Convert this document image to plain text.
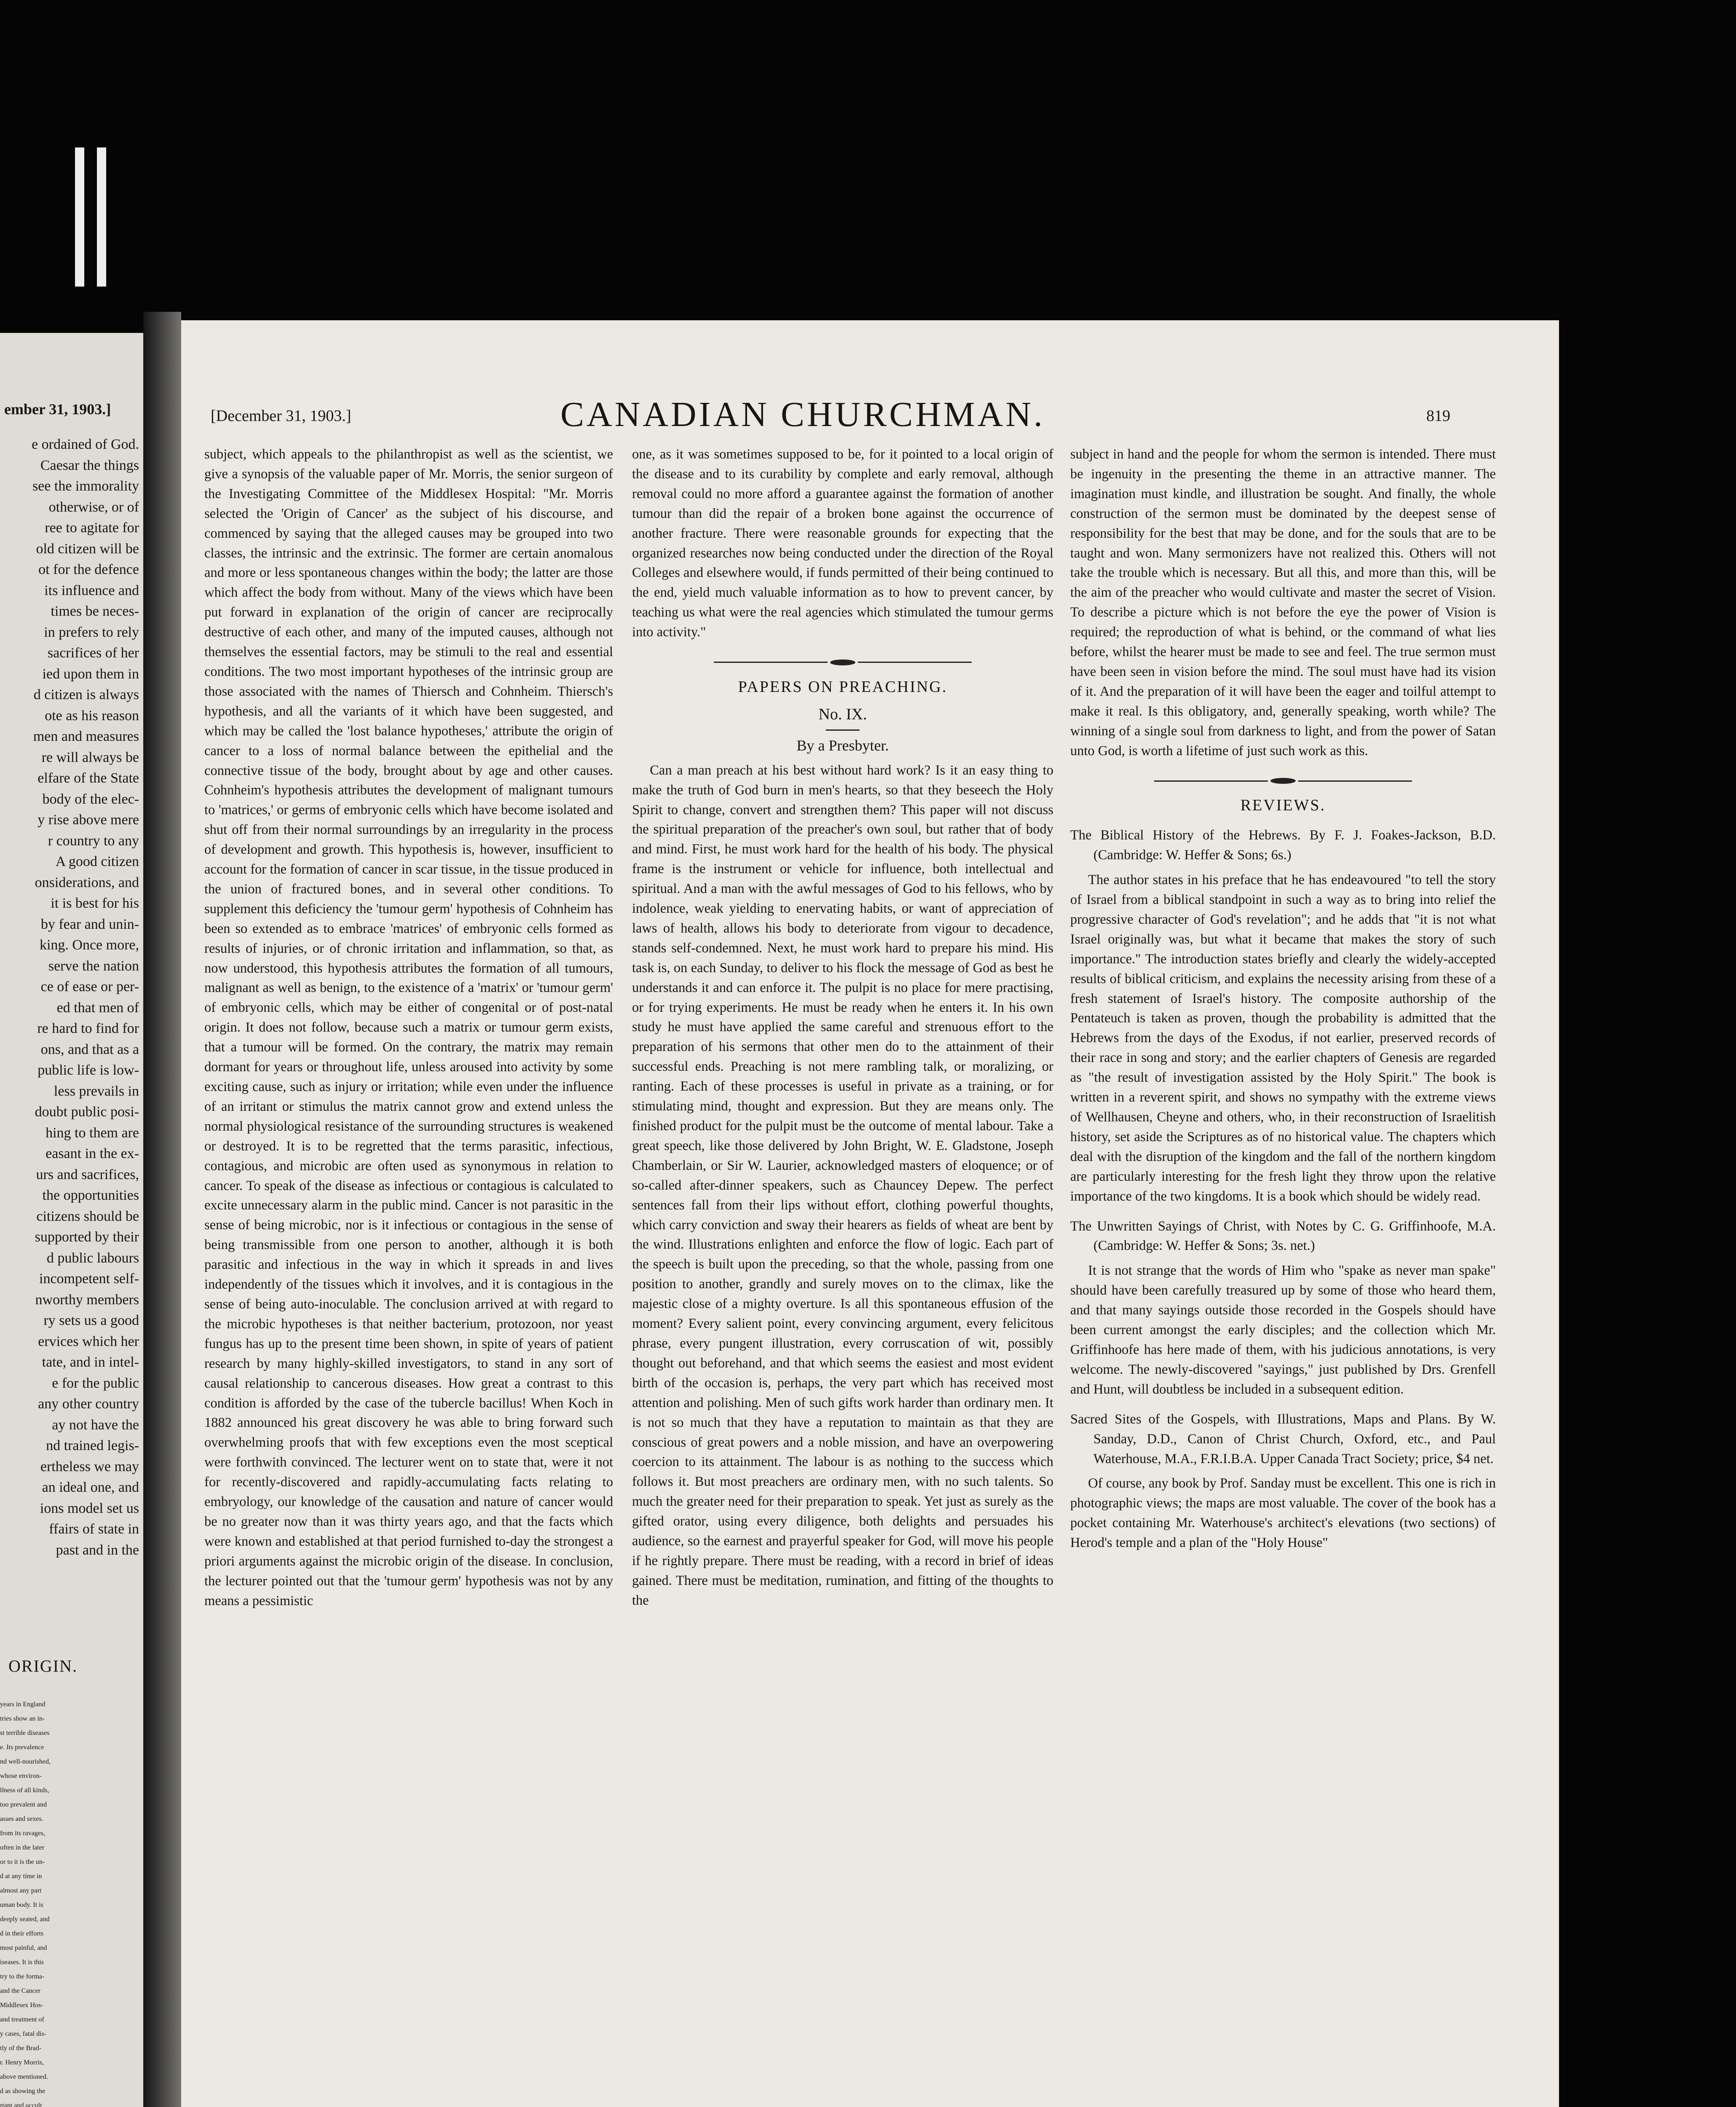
ember 31, 1903.]

e ordained of God.

Caesar the things

see the immorality

otherwise, or of

ree to agitate for

old citizen will be

ot for the defence

its influence and

times be neces-

in prefers to rely

sacrifices of her

ied upon them in

d citizen is always

ote as his reason

men and measures

re will always be

elfare of the State

body of the elec-

y rise above mere

r country to any

A good citizen

onsiderations, and

it is best for his

by fear and unin-

king. Once more,

serve the nation

ce of ease or per-

ed that men of

re hard to find for

ons, and that as a

public life is low-

less prevails in

doubt public posi-

hing to them are

easant in the ex-

urs and sacrifices,

the opportunities

citizens should be

supported by their

d public labours

incompetent self-

nworthy members

ry sets us a good

ervices which her

tate, and in intel-

e for the public

any other country

ay not have the

nd trained legis-

ertheless we may

an ideal one, and

ions model set us

ffairs of state in

past and in the

ORIGIN.

years in England

tries show an in-

st terrible diseases

e. Its prevalence

nd well-nourished,

whose environ-

llness of all kinds,

too prevalent and

asses and sexes.

from its ravages,

often in the later

or to it is the un-

d at any time in

almost any part

uman body. It is

deeply seated, and

d in their efforts

most painful, and

iseases. It is this

try to the forma-

and the Cancer

Middlesex Hos-

and treatment of

y cases, fatal dis-

tly of the Brad-

r. Henry Morris,

above mentioned.

d as showing the

rtant and occult

[December 31, 1903.]	CANADIAN CHURCHMAN.	819

subject, which appeals to the philanthropist as well as the scientist, we give a synopsis of the valuable paper of Mr. Morris, the senior surgeon of the Investigating Committee of the Middlesex Hospital: "Mr. Morris selected the 'Origin of Cancer' as the subject of his discourse, and commenced by saying that the alleged causes may be grouped into two classes, the intrinsic and the extrinsic. The former are certain anomalous and more or less spontaneous changes within the body; the latter are those which affect the body from without. Many of the views which have been put forward in explanation of the origin of cancer are reciprocally destructive of each other, and many of the imputed causes, although not themselves the essential factors, may be stimuli to the real and essential conditions. The two most important hypotheses of the intrinsic group are those associated with the names of Thiersch and Cohnheim. Thiersch's hypothesis, and all the variants of it which have been suggested, and which may be called the 'lost balance hypotheses,' attribute the origin of cancer to a loss of normal balance between the epithelial and the connective tissue of the body, brought about by age and other causes. Cohnheim's hypothesis attributes the development of malignant tumours to 'matrices,' or germs of embryonic cells which have become isolated and shut off from their normal surroundings by an irregularity in the process of development and growth. This hypothesis is, however, insufficient to account for the formation of cancer in scar tissue, in the tissue produced in the union of fractured bones, and in several other conditions. To supplement this deficiency the 'tumour germ' hypothesis of Cohnheim has been so extended as to embrace 'matrices' of embryonic cells formed as results of injuries, or of chronic irritation and inflammation, so that, as now understood, this hypothesis attributes the formation of all tumours, malignant as well as benign, to the existence of a 'matrix' or 'tumour germ' of embryonic cells, which may be either of congenital or of post-natal origin. It does not follow, because such a matrix or tumour germ exists, that a tumour will be formed. On the contrary, the matrix may remain dormant for years or throughout life, unless aroused into activity by some exciting cause, such as injury or irritation; while even under the influence of an irritant or stimulus the matrix cannot grow and extend unless the normal physiological resistance of the surrounding structures is weakened or destroyed. It is to be regretted that the terms parasitic, infectious, contagious, and microbic are often used as synonymous in relation to cancer. To speak of the disease as infectious or contagious is calculated to excite unnecessary alarm in the public mind. Cancer is not parasitic in the sense of being microbic, nor is it infectious or contagious in the sense of being transmissible from one person to another, although it is both parasitic and infectious in the way in which it spreads in and lives independently of the tissues which it involves, and it is contagious in the sense of being auto-inoculable. The conclusion arrived at with regard to the microbic hypotheses is that neither bacterium, protozoon, nor yeast fungus has up to the present time been shown, in spite of years of patient research by many highly-skilled investigators, to stand in any sort of causal relationship to cancerous diseases. How great a contrast to this condition is afforded by the case of the tubercle bacillus! When Koch in 1882 announced his great discovery he was able to bring forward such overwhelming proofs that with few exceptions even the most sceptical were forthwith convinced. The lecturer went on to state that, were it not for recently-discovered and rapidly-accumulating facts relating to embryology, our knowledge of the causation and nature of cancer would be no greater now than it was thirty years ago, and that the facts which were known and established at that period furnished to-day the strongest a priori arguments against the microbic origin of the disease. In conclusion, the lecturer pointed out that the 'tumour germ' hypothesis was not by any means a pessimistic

one, as it was sometimes supposed to be, for it pointed to a local origin of the disease and to its curability by complete and early removal, although removal could no more afford a guarantee against the formation of another tumour than did the repair of a broken bone against the occurrence of another fracture. There were reasonable grounds for expecting that the organized researches now being conducted under the direction of the Royal Colleges and elsewhere would, if funds permitted of their being continued to the end, yield much valuable information as to how to prevent cancer, by teaching us what were the real agencies which stimulated the tumour germs into activity."

PAPERS ON PREACHING.
No. IX.
By a Presbyter.

Can a man preach at his best without hard work? Is it an easy thing to make the truth of God burn in men's hearts, so that they beseech the Holy Spirit to change, convert and strengthen them? This paper will not discuss the spiritual preparation of the preacher's own soul, but rather that of body and mind. First, he must work hard for the health of his body. The physical frame is the instrument or vehicle for influence, both intellectual and spiritual. And a man with the awful messages of God to his fellows, who by indolence, weak yielding to enervating habits, or want of appreciation of laws of health, allows his body to deteriorate from vigour to decadence, stands self-condemned. Next, he must work hard to prepare his mind. His task is, on each Sunday, to deliver to his flock the message of God as best he understands it and can enforce it. The pulpit is no place for mere practising, or for trying experiments. He must be ready when he enters it. In his own study he must have applied the same careful and strenuous effort to the preparation of his sermons that other men do to the attainment of their successful ends. Preaching is not mere rambling talk, or moralizing, or ranting. Each of these processes is useful in private as a training, or for stimulating mind, thought and expression. But they are means only. The finished product for the pulpit must be the outcome of mental labour. Take a great speech, like those delivered by John Bright, W. E. Gladstone, Joseph Chamberlain, or Sir W. Laurier, acknowledged masters of eloquence; or of so-called after-dinner speakers, such as Chauncey Depew. The perfect sentences fall from their lips without effort, clothing powerful thoughts, which carry conviction and sway their hearers as fields of wheat are bent by the wind. Illustrations enlighten and enforce the flow of logic. Each part of the speech is built upon the preceding, so that the whole, passing from one position to another, grandly and surely moves on to the climax, like the majestic close of a mighty overture. Is all this spontaneous effusion of the moment? Every salient point, every convincing argument, every felicitous phrase, every pungent illustration, every corruscation of wit, possibly thought out beforehand, and that which seems the easiest and most evident birth of the occasion is, perhaps, the very part which has received most attention and polishing. Men of such gifts work harder than ordinary men. It is not so much that they have a reputation to maintain as that they are conscious of great powers and a noble mission, and have an overpowering coercion to its attainment. The labour is as nothing to the success which follows it. But most preachers are ordinary men, with no such talents. So much the greater need for their preparation to speak. Yet just as surely as the gifted orator, using every diligence, both delights and persuades his audience, so the earnest and prayerful speaker for God, will move his people if he rightly prepare. There must be reading, with a record in brief of ideas gained. There must be meditation, rumination, and fitting of the thoughts to the

subject in hand and the people for whom the sermon is intended. There must be ingenuity in the presenting the theme in an attractive manner. The imagination must kindle, and illustration be sought. And finally, the whole construction of the sermon must be dominated by the deepest sense of responsibility for the best that may be done, and for the souls that are to be taught and won. Many sermonizers have not realized this. Others will not take the trouble which is necessary. But all this, and more than this, will be the aim of the preacher who would cultivate and master the secret of Vision. To describe a picture which is not before the eye the power of Vision is required; the reproduction of what is behind, or the command of what lies before, whilst the hearer must be made to see and feel. The true sermon must have been seen in vision before the mind. The soul must have had its vision of it. And the preparation of it will have been the eager and toilful attempt to make it real. Is this obligatory, and, generally speaking, worth while? The winning of a single soul from darkness to light, and from the power of Satan unto God, is worth a lifetime of just such work as this.

REVIEWS.
The Biblical History of the Hebrews. By F. J. Foakes-Jackson, B.D. (Cambridge: W. Heffer & Sons; 6s.)

The author states in his preface that he has endeavoured "to tell the story of Israel from a biblical standpoint in such a way as to bring into relief the progressive character of God's revelation"; and he adds that "it is not what Israel originally was, but what it became that makes the story of such importance." The introduction states briefly and clearly the widely-accepted results of biblical criticism, and explains the necessity arising from these of a fresh statement of Israel's history. The composite authorship of the Pentateuch is taken as proven, though the probability is admitted that the Hebrews from the days of the Exodus, if not earlier, preserved records of their race in song and story; and the earlier chapters of Genesis are regarded as "the result of investigation assisted by the Holy Spirit." The book is written in a reverent spirit, and shows no sympathy with the extreme views of Wellhausen, Cheyne and others, who, in their reconstruction of Israelitish history, set aside the Scriptures as of no historical value. The chapters which deal with the disruption of the kingdom and the fall of the northern kingdom are particularly interesting for the fresh light they throw upon the relative importance of the two kingdoms. It is a book which should be widely read.

The Unwritten Sayings of Christ, with Notes by C. G. Griffinhoofe, M.A. (Cambridge: W. Heffer & Sons; 3s. net.)

It is not strange that the words of Him who "spake as never man spake" should have been carefully treasured up by some of those who heard them, and that many sayings outside those recorded in the Gospels should have been current amongst the early disciples; and the collection which Mr. Griffinhoofe has here made of them, with his judicious annotations, is very welcome. The newly-discovered "sayings," just published by Drs. Grenfell and Hunt, will doubtless be included in a subsequent edition.

Sacred Sites of the Gospels, with Illustrations, Maps and Plans. By W. Sanday, D.D., Canon of Christ Church, Oxford, etc., and Paul Waterhouse, M.A., F.R.I.B.A. Upper Canada Tract Society; price, $4 net.

Of course, any book by Prof. Sanday must be excellent. This one is rich in photographic views; the maps are most valuable. The cover of the book has a pocket containing Mr. Waterhouse's architect's elevations (two sections) of Herod's temple and a plan of the "Holy House"
